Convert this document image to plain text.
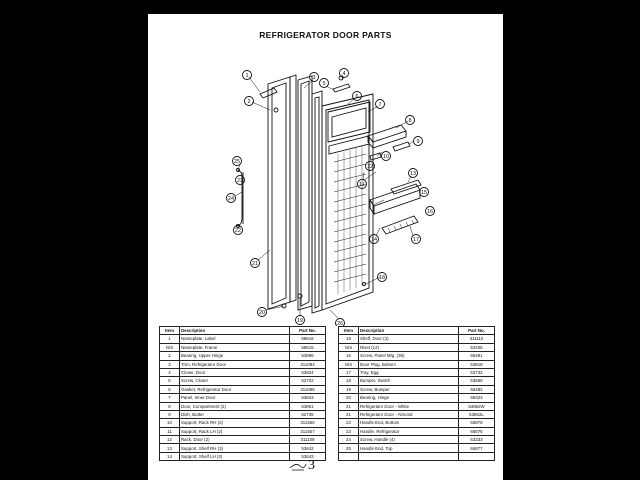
REFRIGERATOR DOOR PARTS
1
2
3
4
5
6
7
8
9
10
11
12
13
14
15
16
17
18
19
20
21
22
23
24
25
26
Item	Description	Part No.
1	Nameplate, Label	58616
N/S	Nameplate, Frame	58615
2	Bearing, Upper Hinge	53988
3	Trim, Refrigerator Door	311094
4	Closer, Door	53824
5	Screw, Closer	52702
6	Gasket, Refrigerator Door	311095
7	Panel, Inner Door	53843
8	Door, Compartment (2)	53861
9	Dish, Butter	52739
10	Support, Rack RH (2)	311556
11	Support, Rack LH (2)	311557
12	Rack, Door (2)	311109
13	Support, Shelf RH (3)	53642
14	Support, Shelf LH (3)	53643
Item	Description	Part No.
15	Shelf, Door (3)	311110
N/S	Rivet (12)	53406
16	Screw, Panel Mtg. (38)	66481
N/S	Door Plug, Bottom	53818
17	Tray, Egg	53732
18	Bumper, Switch	53666
19	Screw, Bumper	66482
20	Bearing, Hinge	58323
21	Refrigerator Door - White	53862W
21	Refrigerator Door - Almond	53862L
22	Handle End, Bottom	66876
23	Handle, Refrigerator	66875
24	Screw, Handle (4)	63333
25	Handle End, Top	66877

3
